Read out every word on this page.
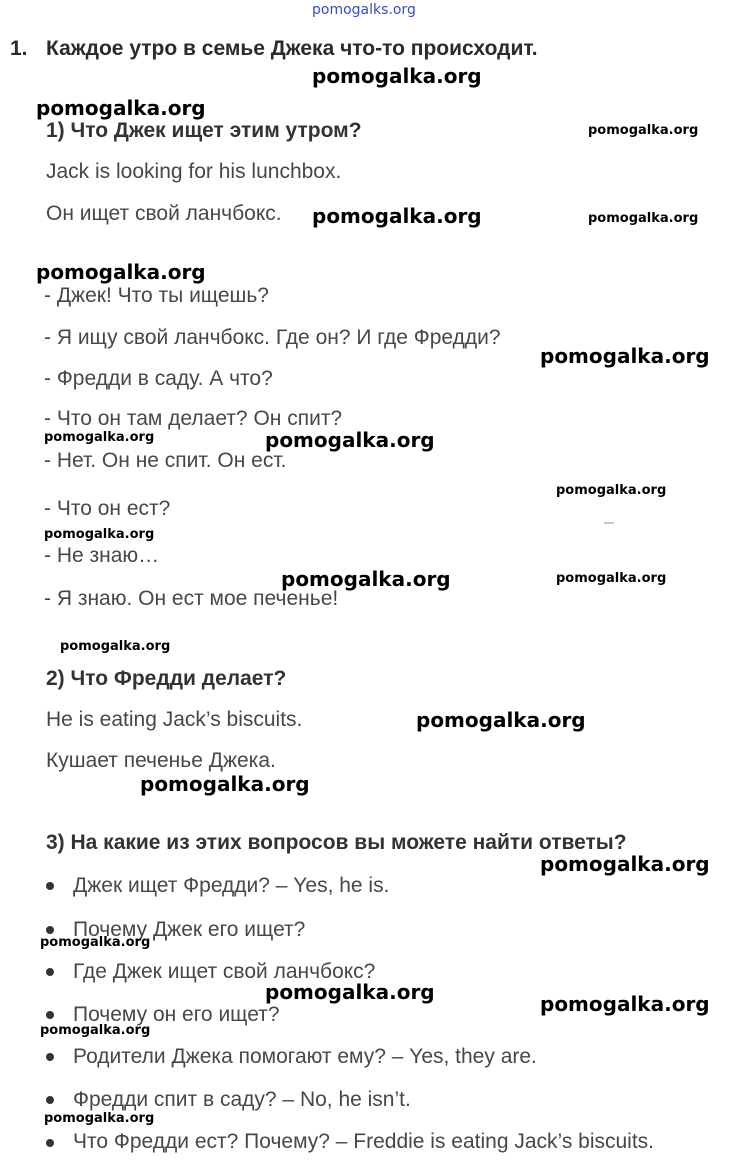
pomogalks.org
1. Каждое утро в семье Джека что-то происходит.
1) Что Джек ищет этим утром?
Jack is looking for his lunchbox.
Он ищет свой ланчбокс.
- Джек! Что ты ищешь?
- Я ищу свой ланчбокс. Где он? И где Фредди?
- Фредди в саду. А что?
- Что он там делает? Он спит?
- Нет. Он не спит. Он ест.
- Что он ест?
- Не знаю…
- Я знаю. Он ест мое печенье!
2) Что Фредди делает?
He is eating Jack’s biscuits.
Кушает печенье Джека.
3) На какие из этих вопросов вы можете найти ответы?
Джек ищет Фредди? – Yes, he is.
Почему Джек его ищет?
Где Джек ищет свой ланчбокс?
Почему он его ищет?
Родители Джека помогают ему? – Yes, they are.
Фредди спит в саду? – No, he isn’t.
Что Фредди ест? Почему? – Freddie is eating Jack’s biscuits.
pomogalka.org
pomogalka.org
pomogalka.org
pomogalka.org
pomogalka.org
pomogalka.org
pomogalka.org
pomogalka.org
pomogalka.org
pomogalka.org
pomogalka.org	pomogalka.org
pomogalka.org
pomogalka.org
pomogalka.org
pomogalka.org
pomogalka.org
pomogalka.org
pomogalka.org
pomogalka.org
pomogalka.org
pomogalka.org
